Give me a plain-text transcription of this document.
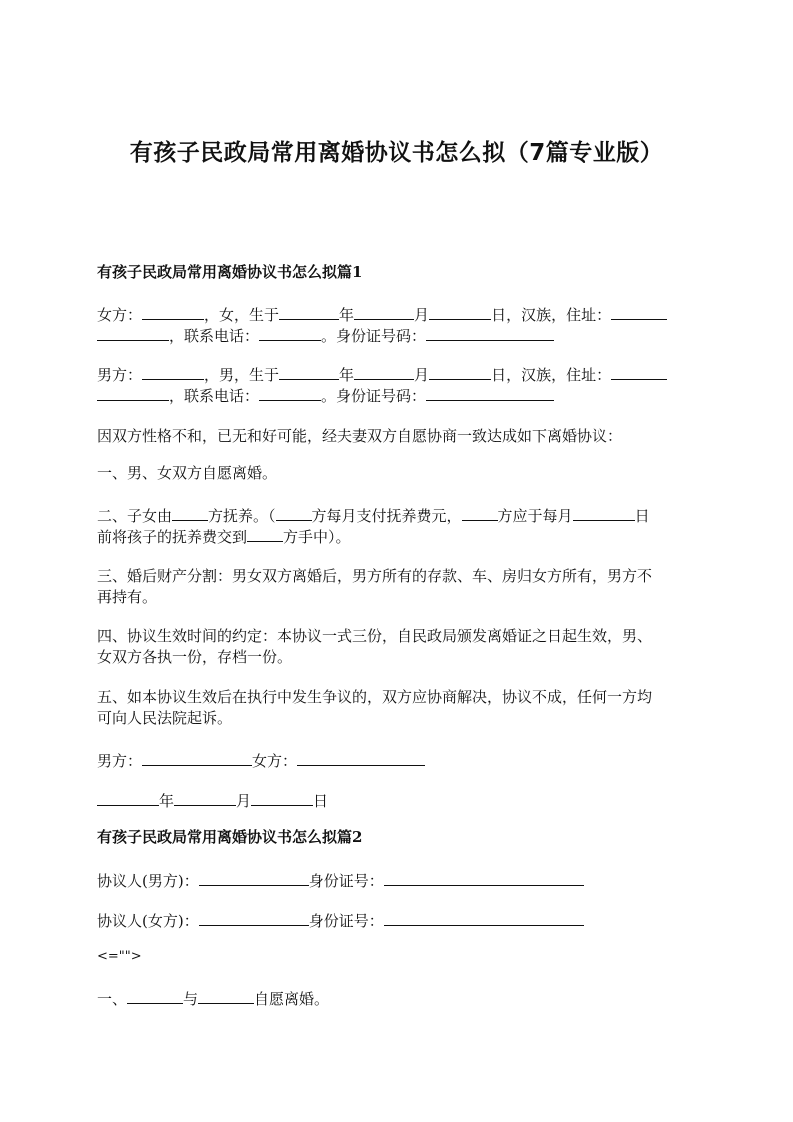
有孩子民政局常用离婚协议书怎么拟（7篇专业版）
有孩子民政局常用离婚协议书怎么拟篇1
女方：	，女，生于	年	月	日，汉族，住址：
，联系电话：	。身份证号码：
男方：	，男，生于	年	月	日，汉族，住址：
，联系电话：	。身份证号码：
因双方性格不和，已无和好可能，经夫妻双方自愿协商一致达成如下离婚协议：
一、男、女双方自愿离婚。
二、子女由 方抚养。（ 方每月支付抚养费元， 方应于每月	日
前将孩子的抚养费交到 方手中）。
三、婚后财产分割：男女双方离婚后，男方所有的存款、车、房归女方所有，男方不
再持有。
四、协议生效时间的约定：本协议一式三份，自民政局颁发离婚证之日起生效，男、
女双方各执一份，存档一份。
五、如本协议生效后在执行中发生争议的，双方应协商解决，协议不成，任何一方均
可向人民法院起诉。
男方：	女方：
年	月	日
有孩子民政局常用离婚协议书怎么拟篇2
协议人(男方)：	身份证号：
协议人(女方)：	身份证号：
<="">
一、	与	自愿离婚。
